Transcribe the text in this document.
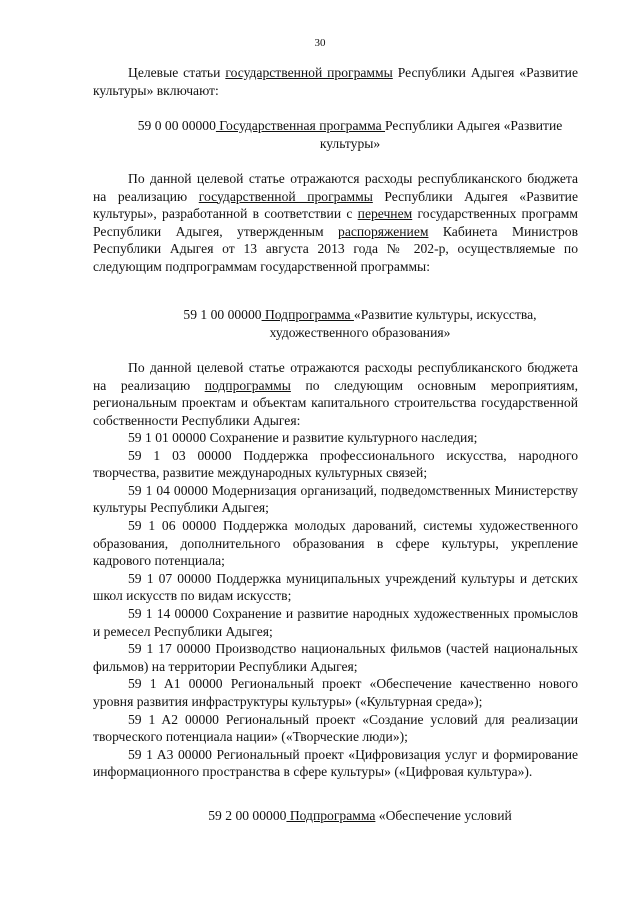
30

Целевые статьи государственной программы Республики Адыгея «Развитие культуры» включают:

59 0 00 00000 Государственная программа Республики Адыгея «Развитие культуры»

По данной целевой статье отражаются расходы республиканского бюджета на реализацию государственной программы Республики Адыгея «Развитие культуры», разработанной в соответствии с перечнем государственных программ Республики Адыгея, утвержденным распоряжением Кабинета Министров Республики Адыгея от 13 августа 2013 года № 202-р, осуществляемые по следующим подпрограммам государственной программы:

59 1 00 00000 Подпрограмма «Развитие культуры, искусства, художественного образования»

По данной целевой статье отражаются расходы республиканского бюджета на реализацию подпрограммы по следующим основным мероприятиям, региональным проектам и объектам капитального строительства государственной собственности Республики Адыгея:

59 1 01 00000 Сохранение и развитие культурного наследия;

59 1 03 00000 Поддержка профессионального искусства, народного творчества, развитие международных культурных связей;

59 1 04 00000 Модернизация организаций, подведомственных Министерству культуры Республики Адыгея;

59 1 06 00000 Поддержка молодых дарований, системы художественного образования, дополнительного образования в сфере культуры, укрепление кадрового потенциала;

59 1 07 00000 Поддержка муниципальных учреждений культуры и детских школ искусств по видам искусств;

59 1 14 00000 Сохранение и развитие народных художественных промыслов и ремесел Республики Адыгея;

59 1 17 00000 Производство национальных фильмов (частей национальных фильмов) на территории Республики Адыгея;

59 1 A1 00000 Региональный проект «Обеспечение качественно нового уровня развития инфраструктуры культуры» («Культурная среда»);

59 1 A2 00000 Региональный проект «Создание условий для реализации творческого потенциала нации» («Творческие люди»);

59 1 A3 00000 Региональный проект «Цифровизация услуг и формирование информационного пространства в сфере культуры» («Цифровая культура»).

59 2 00 00000 Подпрограмма «Обеспечение условий
